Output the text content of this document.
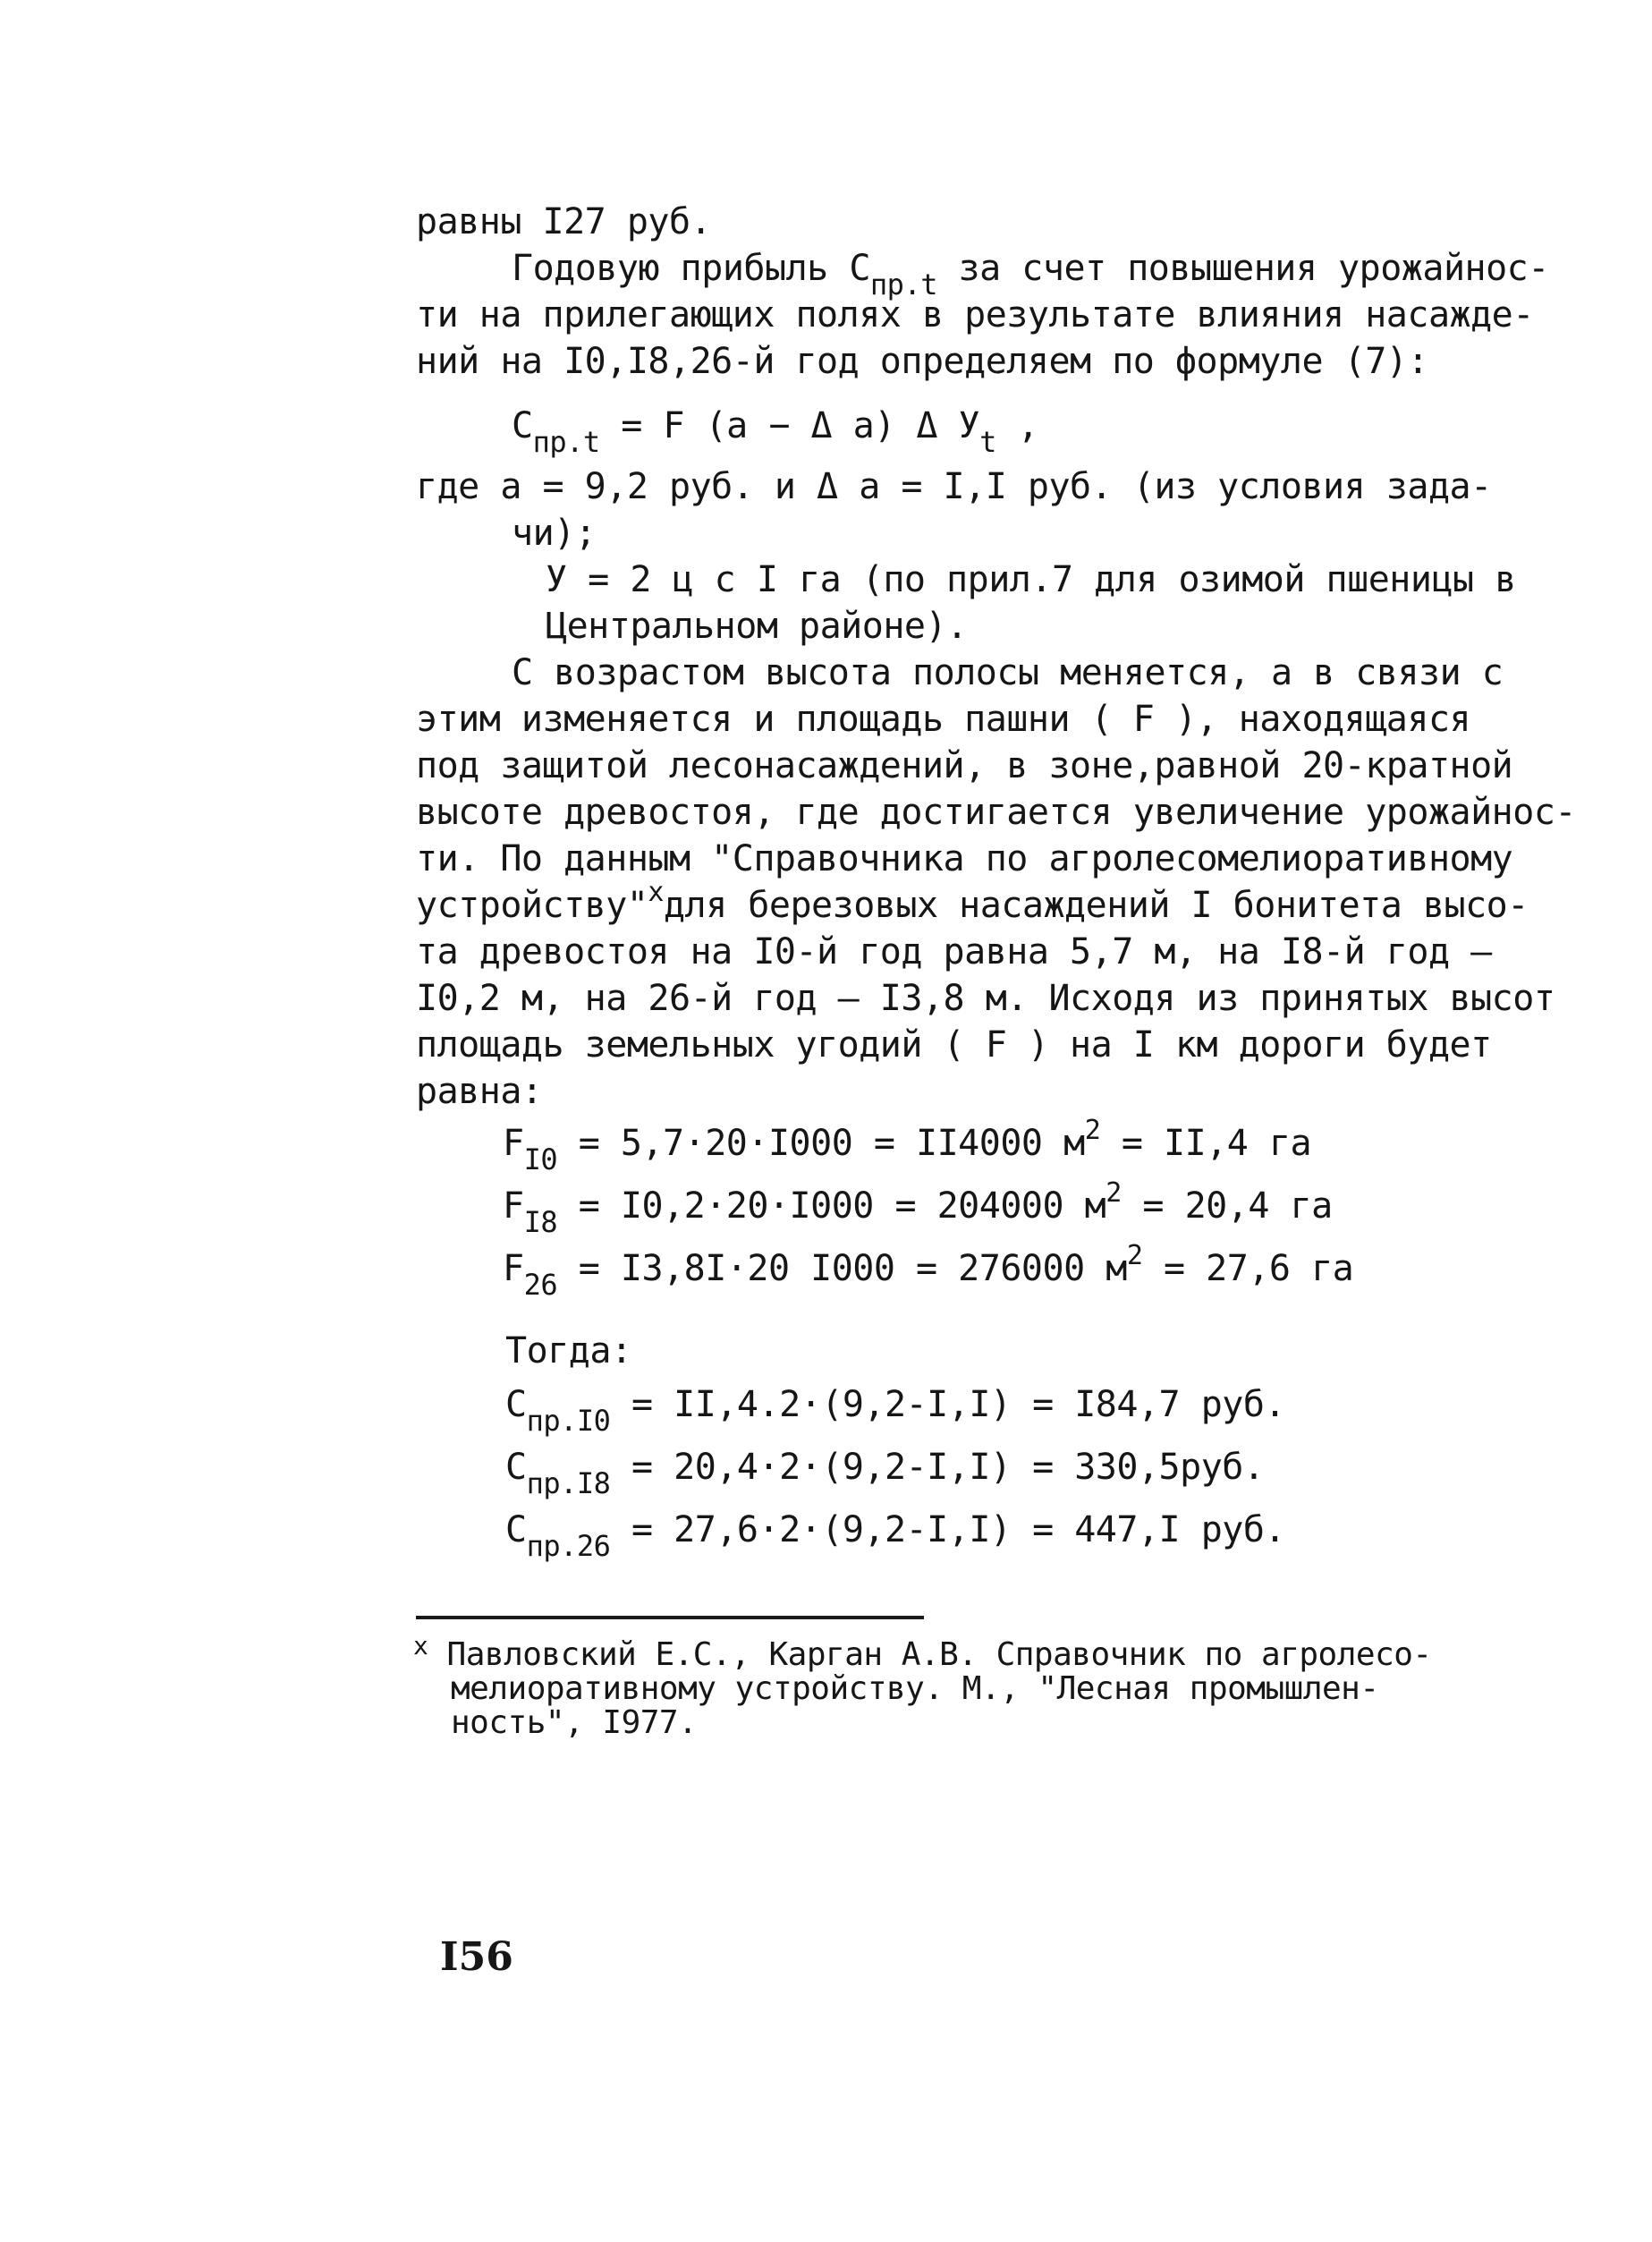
равны I27 руб.
Годовую прибыль $С_{пр.t}$ за счет повышения урожайнос-
ти на прилегающих полях в результате влияния насажде-
ний на I0,I8,26-й год определяем по формуле (7):
$С_{пр.t} = F$ (a − Δ a) Δ $У_t$ ,
где a = 9,2 руб. и Δ a = I,I руб. (из условия зада-
чи);
У = 2 ц с I га (по прил.7 для озимой пшеницы в
Центральном районе).
С возрастом высота полосы меняется, а в связи с
этим изменяется и площадь пашни ( F ), находящаяся
под защитой лесонасаждений, в зоне,равной 20-кратной
высоте древостоя, где достигается увеличение урожайнос-
ти. По данным "Справочника по агролесомелиоративному
устройству"$^x$для березовых насаждений I бонитета высо-
та древостоя на I0-й год равна 5,7 м, на I8-й год –
I0,2 м, на 26-й год – I3,8 м. Исходя из принятых высот
площадь земельных угодий ( F ) на I км дороги будет
равна:
$F_{I0} = 5,7\cdot 20\cdot I000 = II4000$ $м^2 = II,4$ га
$F_{I8} = I0,2\cdot 20\cdot I000 = 204000$ $м^2 = 20,4$ га
$F_{26} = I3,8I\cdot 20$ I000 = 276000 $м^2 = 27,6$ га
Тогда:
$С_{пр.I0} = II,4.2\cdot(9,2-I,I) = I84,7$ руб.
$С_{пр.I8} = 20,4\cdot 2\cdot(9,2-I,I) = 330,5руб$.
$С_{пр.26} = 27,6\cdot 2\cdot(9,2-I,I) = 447,I$ руб.
$^x$ Павловский Е.С., Карган А.В. Справочник по агролесо-
мелиоративному устройству. М., "Лесная промышлен-
ность", I977.
I56
